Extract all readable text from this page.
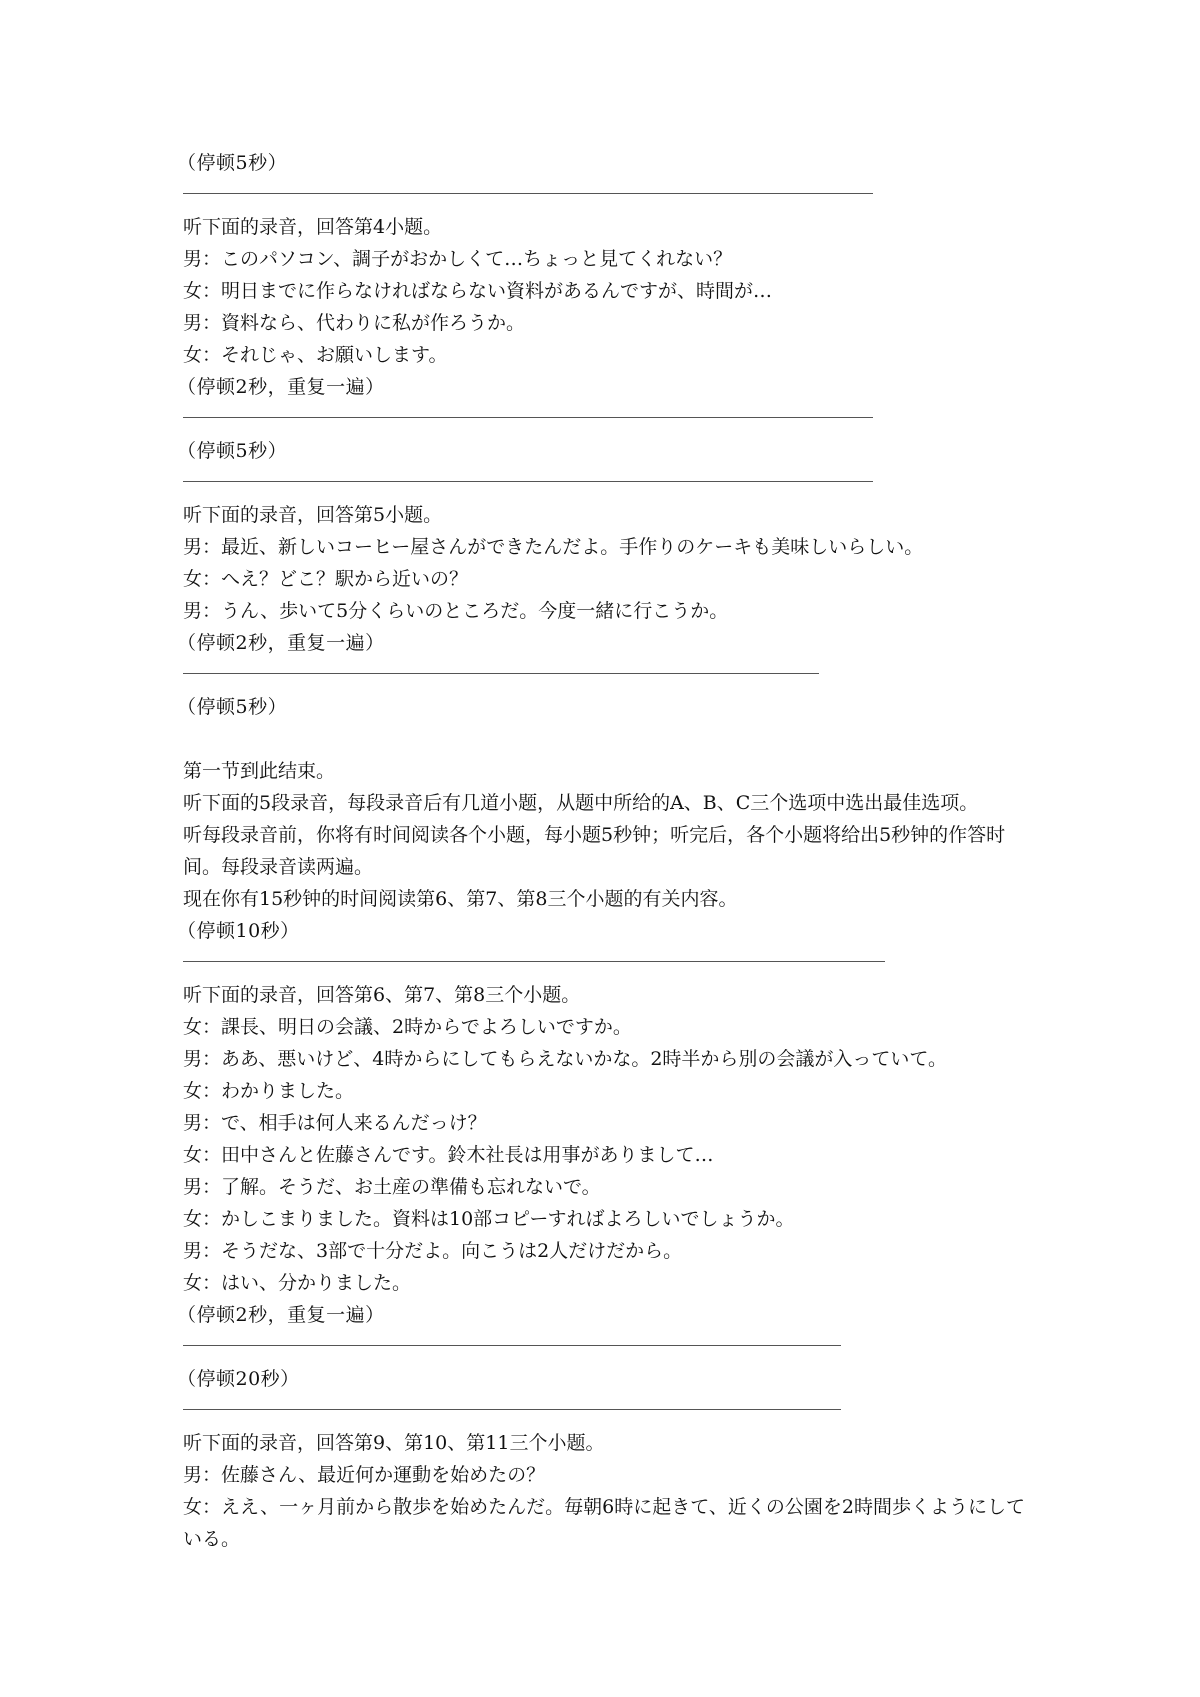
（停顿5秒）
听下面的录音，回答第4小题。
男：このパソコン、調子がおかしくて…ちょっと見てくれない？
女：明日までに作らなければならない資料があるんですが、時間が…
男：資料なら、代わりに私が作ろうか。
女：それじゃ、お願いします。
（停顿2秒，重复一遍）
（停顿5秒）
听下面的录音，回答第5小题。
男：最近、新しいコーヒー屋さんができたんだよ。手作りのケーキも美味しいらしい。
女：へえ？どこ？駅から近いの？
男：うん、歩いて5分くらいのところだ。今度一緒に行こうか。
（停顿2秒，重复一遍）
（停顿5秒）
第一节到此结束。
听下面的5段录音，每段录音后有几道小题，从题中所给的A、B、C三个选项中选出最佳选项。
听每段录音前，你将有时间阅读各个小题，每小题5秒钟；听完后，各个小题将给出5秒钟的作答时间。每段录音读两遍。
现在你有15秒钟的时间阅读第6、第7、第8三个小题的有关内容。
（停顿10秒）
听下面的录音，回答第6、第7、第8三个小题。
女：課長、明日の会議、2時からでよろしいですか。
男：ああ、悪いけど、4時からにしてもらえないかな。2時半から別の会議が入っていて。
女：わかりました。
男：で、相手は何人来るんだっけ？
女：田中さんと佐藤さんです。鈴木社長は用事がありまして…
男：了解。そうだ、お土産の準備も忘れないで。
女：かしこまりました。資料は10部コピーすればよろしいでしょうか。
男：そうだな、3部で十分だよ。向こうは2人だけだから。
女：はい、分かりました。
（停顿2秒，重复一遍）
（停顿20秒）
听下面的录音，回答第9、第10、第11三个小题。
男：佐藤さん、最近何か運動を始めたの？
女：ええ、一ヶ月前から散歩を始めたんだ。毎朝6時に起きて、近くの公園を2時間歩くようにしている。
